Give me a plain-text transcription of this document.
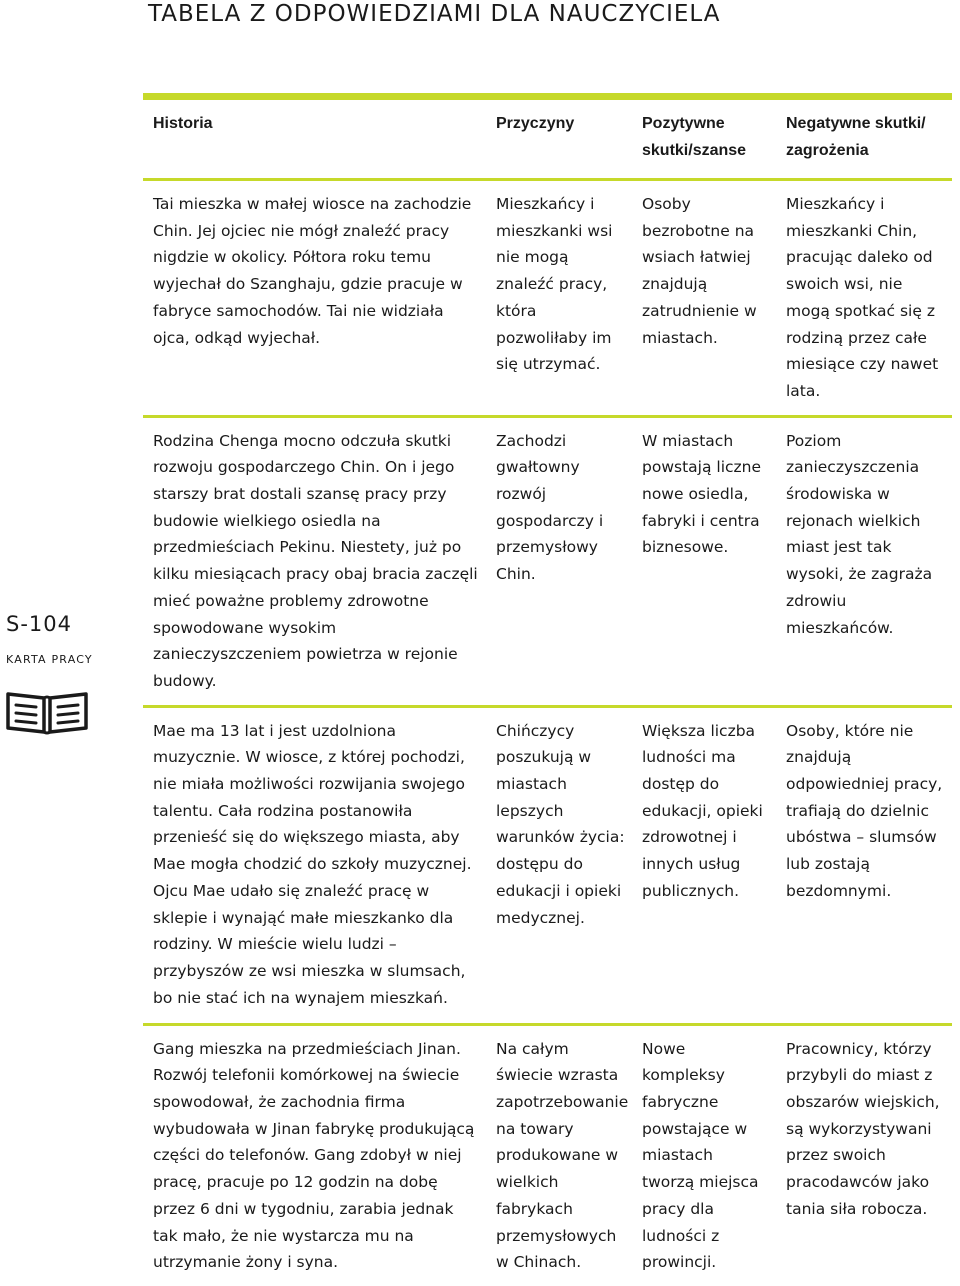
TABELA Z ODPOWIEDZIAMI DLA NAUCZYCIELA
S-104
KARTA PRACY
Historia	Przyczyny	Pozytywne skutki/szanse	Negatywne skutki/ zagrożenia
Tai mieszka w małej wiosce na zachodzie Chin. Jej ojciec nie mógł znaleźć pracy nigdzie w okolicy. Półtora roku temu wyjechał do Szanghaju, gdzie pracuje w fabryce samochodów. Tai nie widziała ojca, odkąd wyjechał.	Mieszkańcy i mieszkanki wsi nie mogą znaleźć pracy, która pozwoliłaby im się utrzymać.	Osoby bezrobotne na wsiach łatwiej znajdują zatrudnienie w miastach.	Mieszkańcy i mieszkanki Chin, pracując daleko od swoich wsi, nie mogą spotkać się z rodziną przez całe miesiące czy nawet lata.
Rodzina Chenga mocno odczuła skutki rozwoju gospodarczego Chin. On i jego starszy brat dostali szansę pracy przy budowie wielkiego osiedla na przedmieściach Pekinu. Niestety, już po kilku miesiącach pracy obaj bracia zaczęli mieć poważne problemy zdrowotne spowodowane wysokim zanieczyszczeniem powietrza w rejonie budowy.	Zachodzi gwałtowny rozwój gospodarczy i przemysłowy Chin.	W miastach powstają liczne nowe osiedla, fabryki i centra biznesowe.	Poziom zanieczyszczenia środowiska w rejonach wielkich miast jest tak wysoki, że zagraża zdrowiu mieszkańców.
Mae ma 13 lat i jest uzdolniona muzycznie. W wiosce, z której pochodzi, nie miała możliwości rozwijania swojego talentu. Cała rodzina postanowiła przenieść się do większego miasta, aby Mae mogła chodzić do szkoły muzycznej. Ojcu Mae udało się znaleźć pracę w sklepie i wynająć małe mieszkanko dla rodziny. W mieście wielu ludzi – przybyszów ze wsi mieszka w slumsach, bo nie stać ich na wynajem mieszkań.	Chińczycy poszukują w miastach lepszych warunków życia: dostępu do edukacji i opieki medycznej.	Większa liczba ludności ma dostęp do edukacji, opieki zdrowotnej i innych usług publicznych.	Osoby, które nie znajdują odpowiedniej pracy, trafiają do dzielnic ubóstwa – slumsów lub zostają bezdomnymi.
Gang mieszka na przedmieściach Jinan. Rozwój telefonii komórkowej na świecie spowodował, że zachodnia firma wybudowała w Jinan fabrykę produkującą części do telefonów. Gang zdobył w niej pracę, pracuje po 12 godzin na dobę przez 6 dni w tygodniu, zarabia jednak tak mało, że nie wystarcza mu na utrzymanie żony i syna.	Na całym świecie wzrasta zapotrzebowanie na towary produkowane w wielkich fabrykach przemysłowych w Chinach.	Nowe kompleksy fabryczne powstające w miastach tworzą miejsca pracy dla ludności z prowincji.	Pracownicy, którzy przybyli do miast z obszarów wiejskich, są wykorzystywani przez swoich pracodawców jako tania siła robocza.
